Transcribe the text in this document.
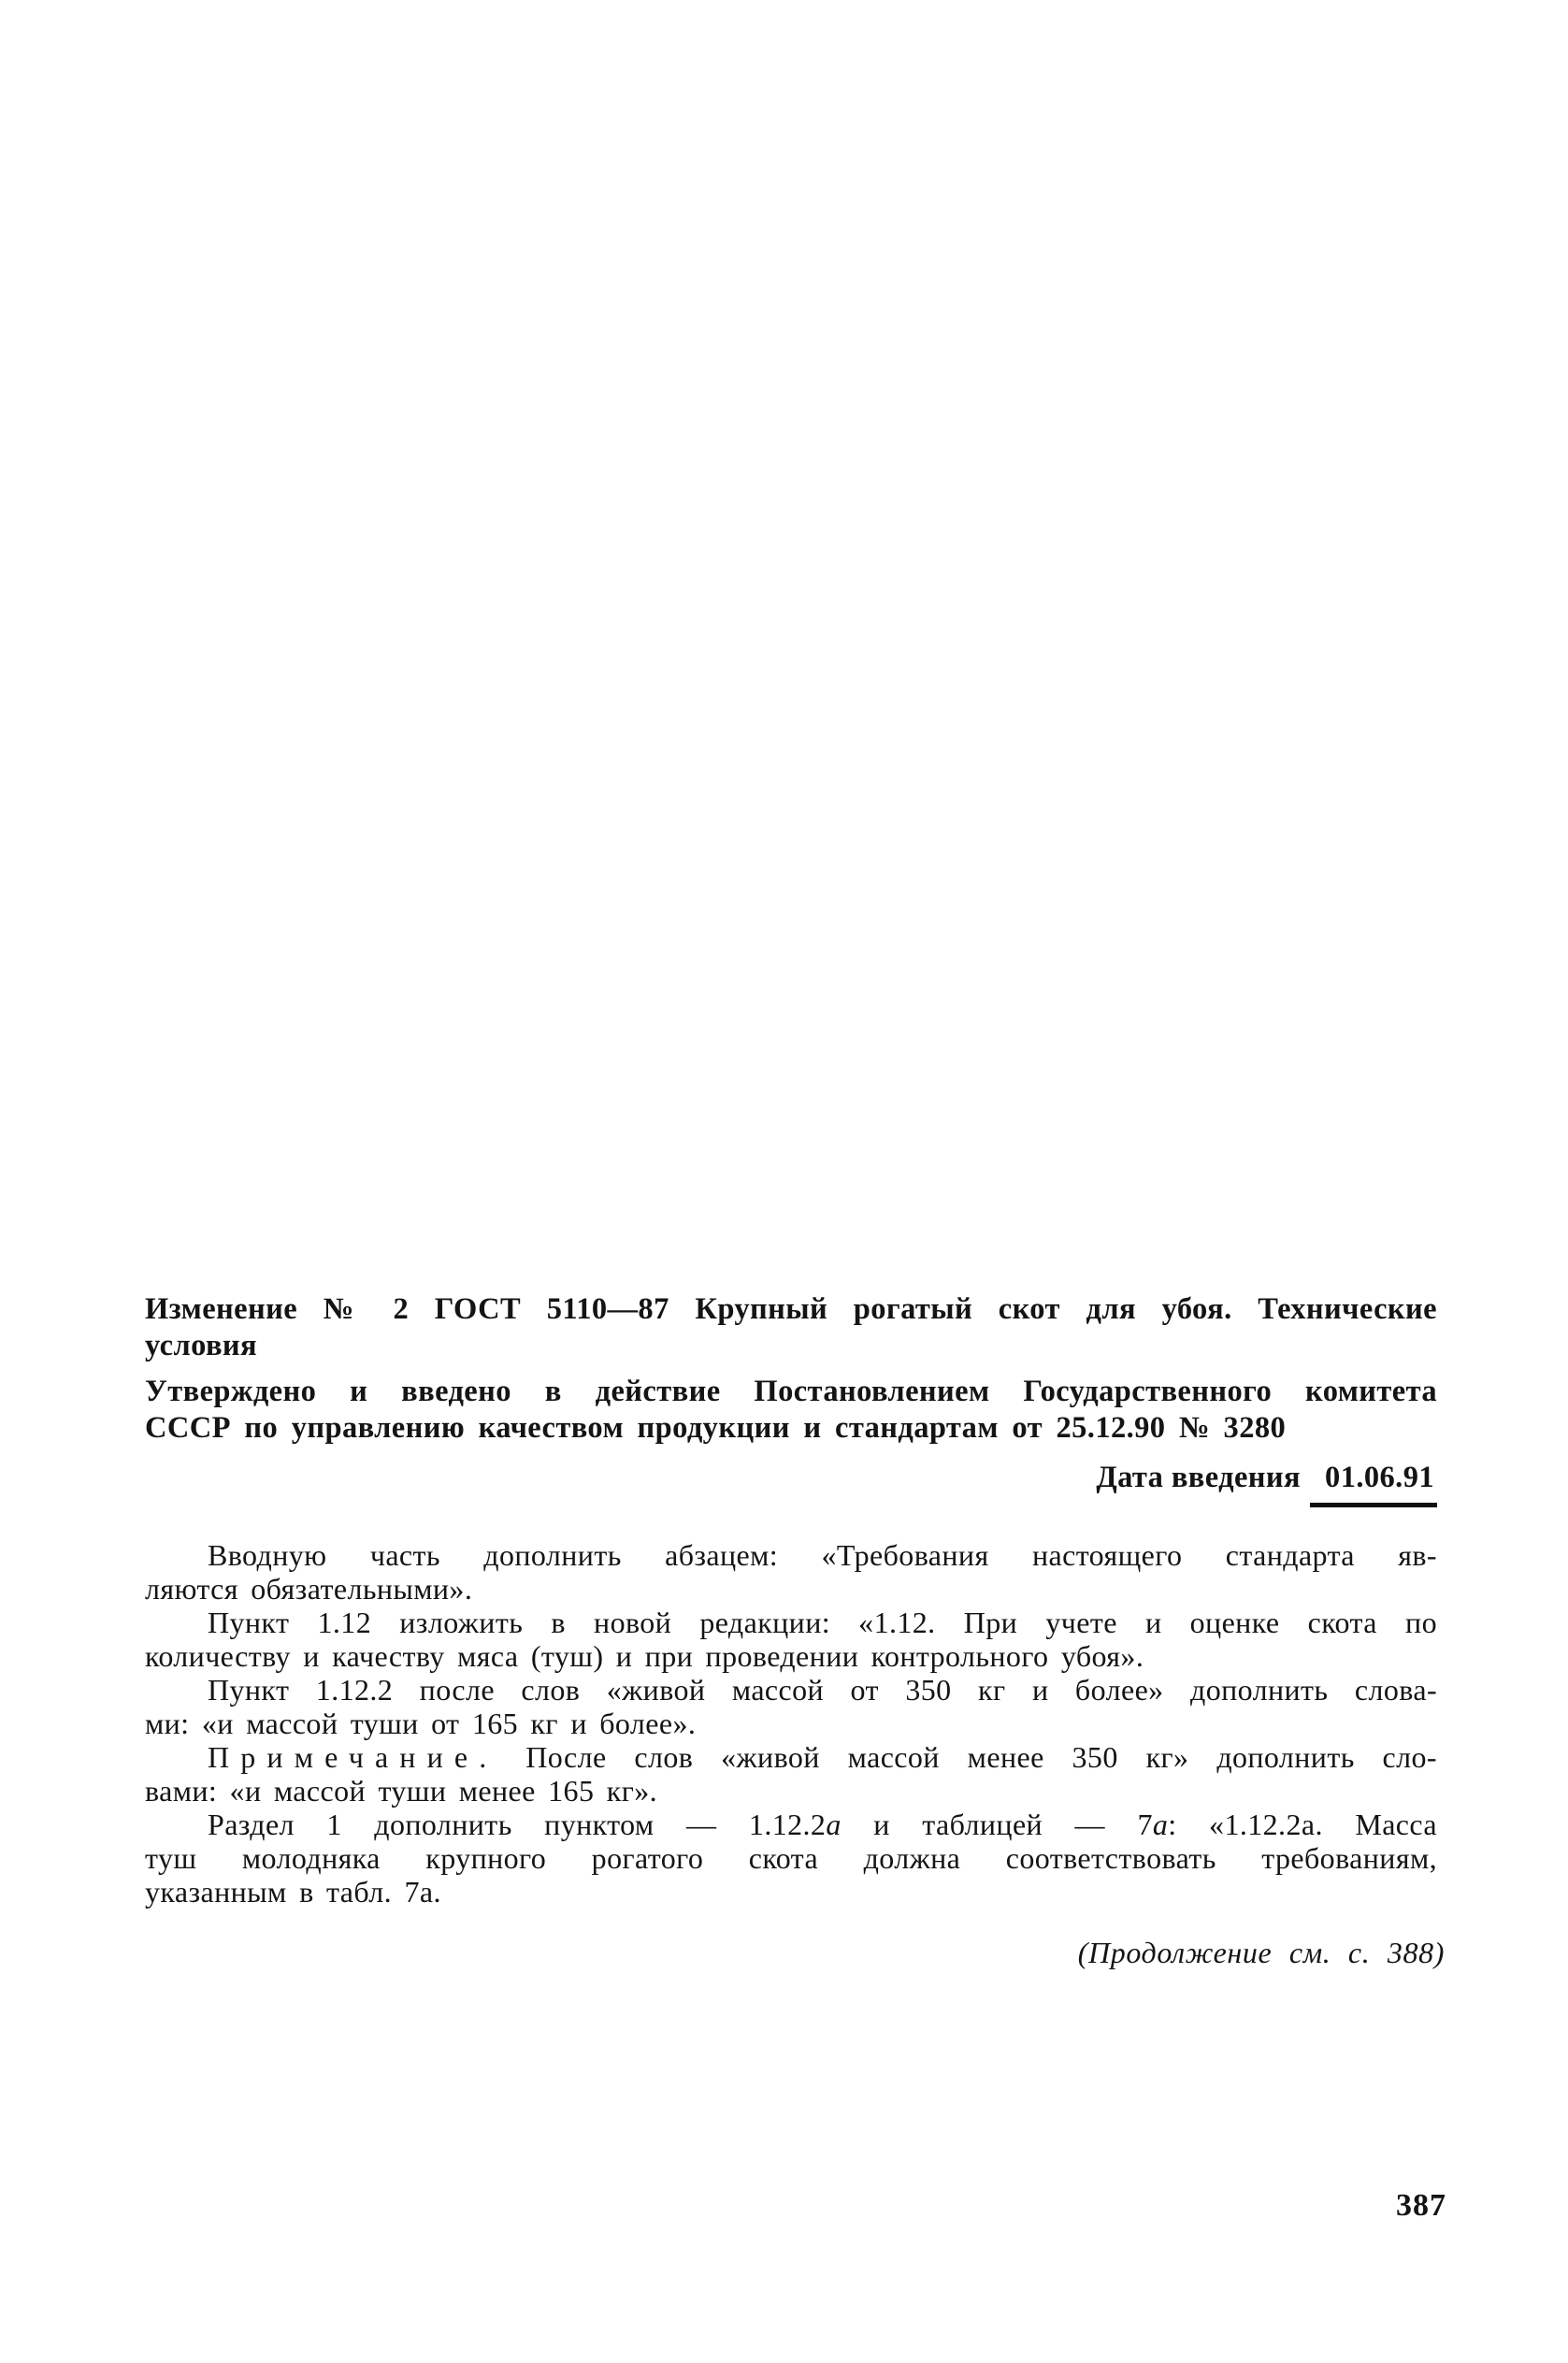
Изменение № 2 ГОСТ 5110—87 Крупный рогатый скот для убоя. Технические
условия
Утверждено и введено в действие Постановлением Государственного комитета
СССР по управлению качеством продукции и стандартам от 25.12.90 № 3280
Дата введения 01.06.91
Вводную часть дополнить абзацем: «Требования настоящего стандарта яв-
ляются обязательными».
Пункт 1.12 изложить в новой редакции: «1.12. При учете и оценке скота по
количеству и качеству мяса (туш) и при проведении контрольного убоя».
Пункт 1.12.2 после слов «живой массой от 350 кг и более» дополнить слова-
ми: «и массой туши от 165 кг и более».
Примечание. После слов «живой массой менее 350 кг» дополнить сло-
вами: «и массой туши менее 165 кг».
Раздел 1 дополнить пунктом — 1.12.2а и таблицей — 7а: «1.12.2а. Масса
туш молодняка крупного рогатого скота должна соответствовать требованиям,
указанным в табл. 7а.
(Продолжение см. с. 388)
387
